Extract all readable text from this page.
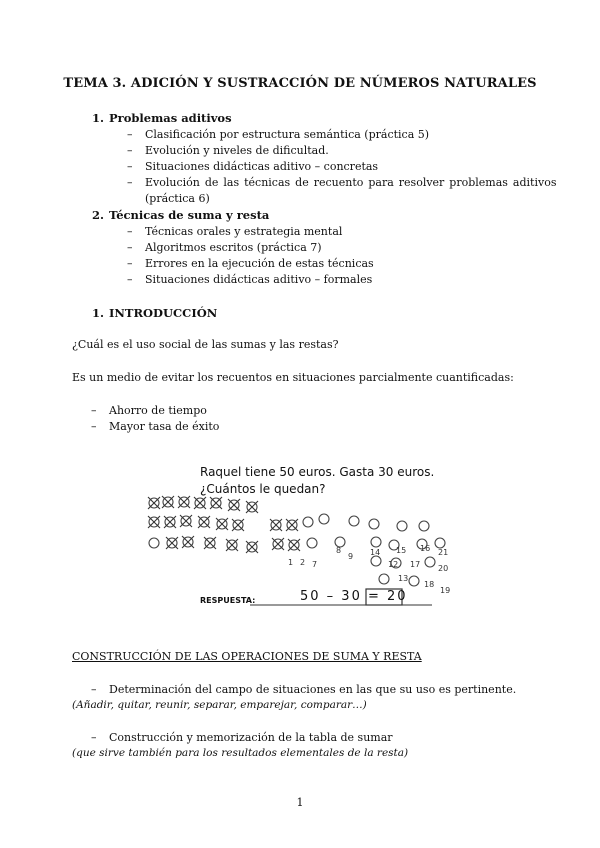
TEMA 3. ADICIÓN Y SUSTRACCIÓN DE NÚMEROS NATURALES
1. Problemas aditivos
– Clasificación por estructura semántica (práctica 5)
– Evolución y niveles de dificultad.
– Situaciones didácticas aditivo – concretas
– Evolución de las técnicas de recuento para resolver problemas aditivos
(práctica 6)
2. Técnicas de suma y resta
– Técnicas orales y estrategia mental
– Algoritmos escritos (práctica 7)
– Errores en la ejecución de estas técnicas
– Situaciones didácticas aditivo – formales
1. INTRODUCCIÓN
¿Cuál es el uso social de las sumas y las restas?
Es un medio de evitar los recuentos en situaciones parcialmente cuantificadas:
– Ahorro de tiempo
– Mayor tasa de éxito
Raquel tiene 50 euros. Gasta 30 euros.
¿Cuántos le quedan?
1 2 7
8
9 14 15 16 21
12 17 20
13
18
19
RESPUESTA:	50 – 30 = 20
CONSTRUCCIÓN DE LAS OPERACIONES DE SUMA Y RESTA
– Determinación del campo de situaciones en las que su uso es pertinente.
(Añadir, quitar, reunir, separar, emparejar, comparar…)
– Construcción y memorización de la tabla de sumar
(que sirve también para los resultados elementales de la resta)
1
